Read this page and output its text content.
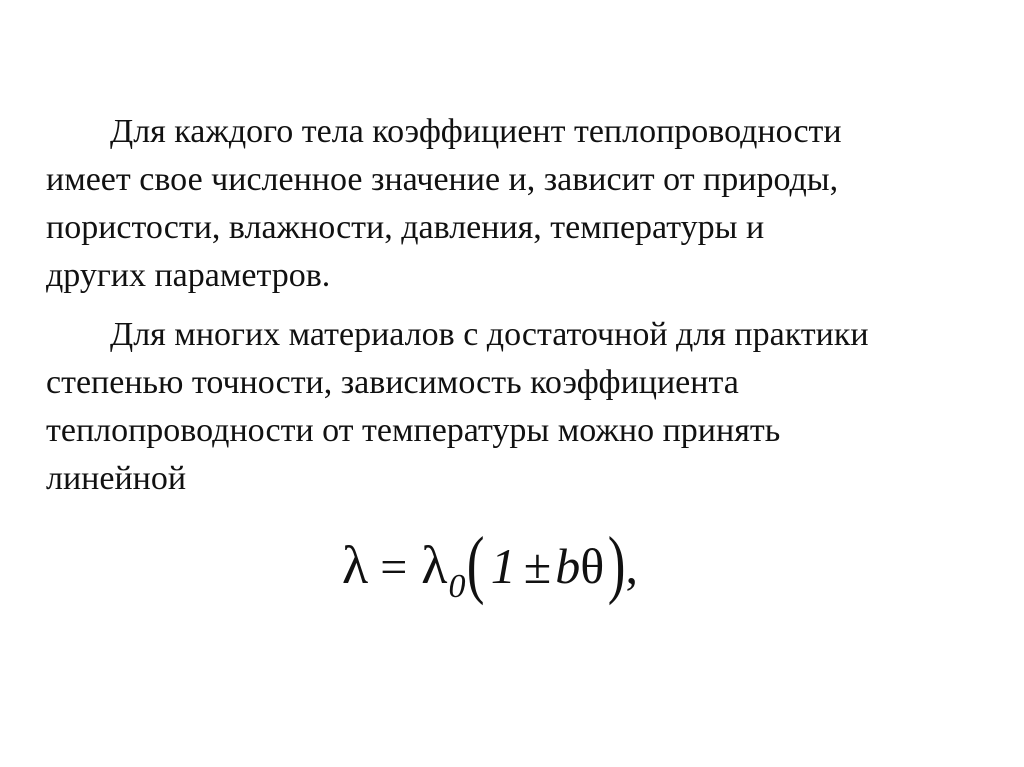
Для каждого тела коэффициент теплопроводности
имеет свое численное значение и, зависит от природы,
пористости, влажности, давления, температуры и
других параметров.

Для многих материалов с достаточной для практики
степенью точности, зависимость коэффициента
теплопроводности от температуры можно принять
линейной

λ = λ0( 1 ±bθ),
